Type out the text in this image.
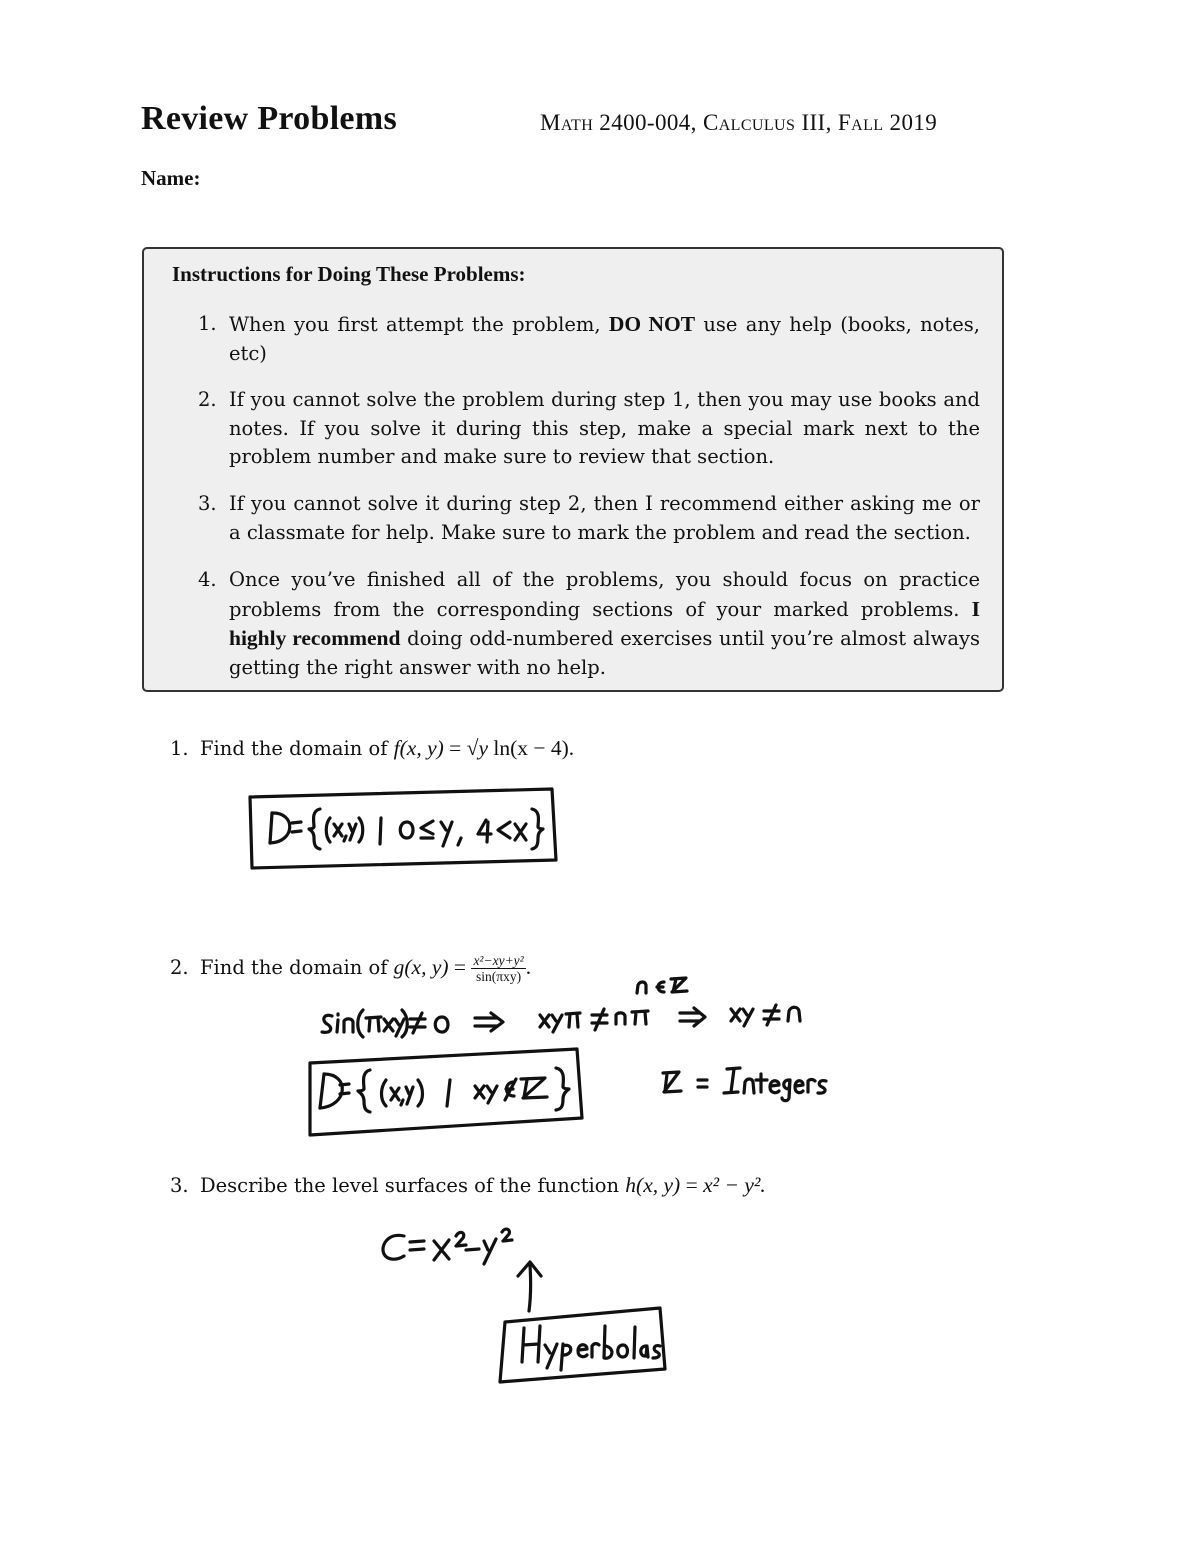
Review Problems	Math 2400-004, Calculus III, Fall 2019
Name:
Instructions for Doing These Problems:
1. When you first attempt the problem, DO NOT use any help (books, notes, etc)
2. If you cannot solve the problem during step 1, then you may use books and notes. If you solve it during this step, make a special mark next to the problem number and make sure to review that section.
3. If you cannot solve it during step 2, then I recommend either asking me or a classmate for help. Make sure to mark the problem and read the section.
4. Once you’ve finished all of the problems, you should focus on practice problems from the corresponding sections of your marked problems. I highly recommend doing odd-numbered exercises until you’re almost always getting the right answer with no help.
1. Find the domain of f(x, y) = √y ln(x − 4).
2. Find the domain of g(x, $y) = \frac{\text{x²−xy+y²}}{\text{sin(πxy)}}$ .
3. Describe the level surfaces of the function h(x, y) = x² − y².
